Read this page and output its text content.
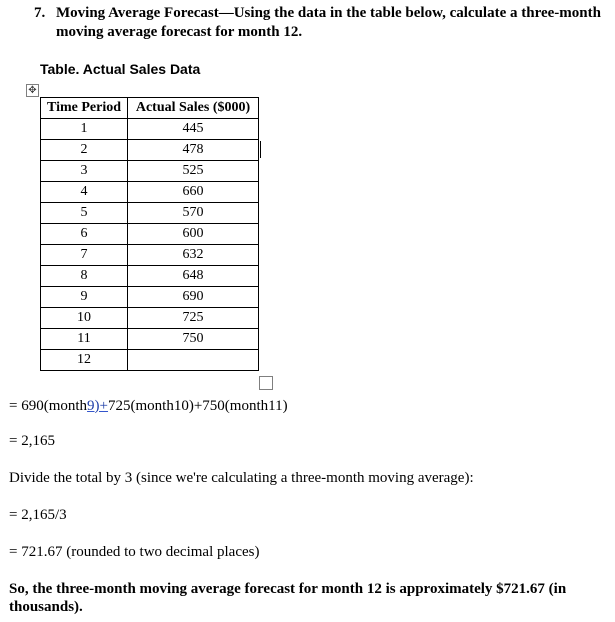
7. Moving Average Forecast—Using the data in the table below, calculate a three-month moving average forecast for month 12.
Table. Actual Sales Data
✥
Time Period	Actual Sales ($000)
1	445
2	478
3	525
4	660
5	570
6	600
7	632
8	648
9	690
10	725
11	750
12	
= 690(month9)+725(month10)+750(month11)
= 2,165
Divide the total by 3 (since we're calculating a three-month moving average):
= 2,165/3
= 721.67 (rounded to two decimal places)
So, the three-month moving average forecast for month 12 is approximately $721.67 (in thousands).
